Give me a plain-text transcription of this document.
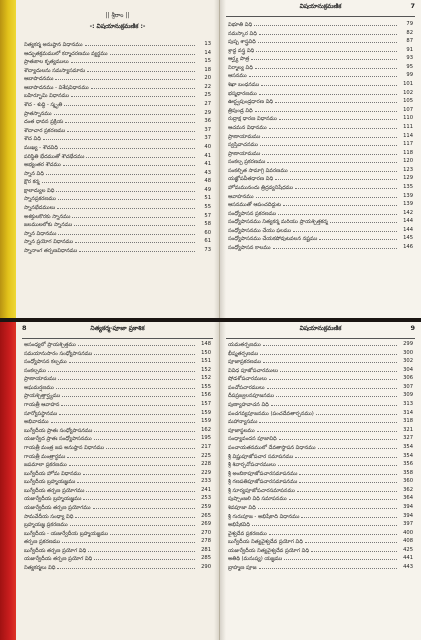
|| శ్రీరాం ||
-: విషయానుక్రమణిక :-
నిత్యకర్మ అనుష్ఠాన విధానము	13
ఆద్భుతక్రమములో కర్మాచరణము వ్యర్థము	14
ప్రాతఃకాల కృత్యములు	15
శౌచ్యాదులను సమస్యాసమాను	18
ఆబాపాదనము	20
ఆబాపాదనము - విశేషవిధానము	22
బహిర్భూమి విధానము	25
శౌచ - శుద్ధి - స్మృతి	27
ప్రాతస్నానము	29
దంత ధావన ప్రక్రియ	36
శౌచాచార ప్రకరణము	37
శౌచ విధి	37
ముఖ్య - శౌచవిధి	40
పరిస్థితి భేదముతో శౌచభేదము	41
అభ్యంతర శౌచము	41
స్నాన విధి	43
క్షౌర కర్మ	48
క్షాలాద్యుల విధి	49
స్నానప్రకరణము	51
స్నానభేదములు	55
అశక్తులకొరకు స్నానము	57
జలములలోకు స్నానము	58
స్నాన విధానము	60
స్నాన ప్రయోగ విధానము	61
స్నానాంగ తర్పణవిధానము	73
విషయానుక్రమణిక	7
విభూతి విధి	79
నమస్కార విధి	82
పుష్ప శాస్త్రవిధి	87
శ్రాద్ధ వస్త్ర విధి	91
ఆర్ఘ్య పాత్ర	93
నిర్మాల్య విధి	95
ఆసనము	99
శిఖా బంధనము	101
భస్మధారణము	102
ఊర్ధ్వపుండ్రధారణ విధి	105
త్రిపుండ్ర విధి	107
రుద్రాక్ష ధారణ విధానము	110
ఆచమన విధానము	111
ప్రాణాయామము	114
స్వస్తివాచనము	117
ప్రాణాయామము	118
సంకల్ప ప్రకరణము	120
సంకల్పిత సామాగ్రి వివరణము	123
యజ్ఞోపవీతధారణ విధి	129
హోమమునందు త్రిద్రవ్యనిషేధము	135
ఆవాహనము	139
ఆసనముతో ఆపంచదిద్దుట	139
సంధ్యోపాసన ప్రకరణము	142
సంధ్యోపాసనము నిత్యకర్మ మరియు ప్రాయశ్చిత్తకర్మ	144
సంధ్యోపాసనము చేయు ఫలము	144
సంధ్యోపాసనము చేయకపోవుటవలన నష్టము	145
సంధ్యోపాసన కాలము	146
8	నిత్యకర్మ-పూజా ప్రకాశిక
అసంధ్యలో ప్రాయశ్చిత్తము	148
సమయానుసారం సంధ్యోపాసనము	150
సంధ్యోపాసన కల్పము	151
సంకల్పము	152
ప్రాణాయామము	152
అఘమర్షణము	155
ప్రాయశ్చిత్తార్ఘ్యము	156
గాయత్రీ ఆవాహన	157
సూర్యోపస్థానము	159
అభివాదము	159
బుగ్వేదీయ ప్రాతః సంధ్యోపాసనము	162
యజుర్వేద ప్రాతః సంధ్యోపాసనము	195
గాయత్రీ మంత్ర జప అనుష్ఠాన విధానము	217
గాయత్రీ మంత్రార్థము	225
జపమాలా ప్రకరణము	228
బుగ్వేదీయ హోమ విధానము	229
బుగ్వేదీయ బ్రహ్మయజ్ఞము	233
బుగ్వేదీయ తర్పణ ప్రయోగము	241
యజుర్వేదీయ బ్రహ్మయజ్ఞము	253
యజుర్వేదీయ తర్పణ ప్రయోగము	259
సామవేదీయ సంధ్యా విధి	265
బ్రహ్మయజ్ఞ ప్రకరణము	269
బుగ్వేదీయ - యజుర్వేదీయ బ్రహ్మయజ్ఞము	270
తర్పణ ప్రకరణము	278
బుగ్వేదీయ తర్పణ ప్రయోగ విధి	281
యజుర్వేదీయ తర్పణ ప్రయోగ విధి	285
నిత్యకర్మలు విధి	290
విషయానుక్రమణిక	9
యమతర్పణము	299
భీష్మతర్పణము	300
పూజాప్రకరణము	302
వివిధ పూజోపచారములు	304
షోడశోపచారములు	306
పంచోపచారములు	307
దీపప్రజ్వలనపూజనము	309
పుణ్యాహవాచన విధి	313
పంచగవ్యపూజనము (పంచదేవతార్చనము)	314
మహాన్యాసము	318
పూజాస్థలము	321
సంధ్యావందన పూజావిధి	327
పంచాయతనములో దేవతాస్థాపన విధానము	354
శ్రీ విష్ణుపూజోపచార సమాపనము	354
శ్రీ శివార్చనోపచారములు	356
శ్రీ అంబికాపూజోపచారసమాపనము	358
శ్రీ గణపతిపూజోపచారసమాపనము	360
శ్రీ సూర్యపూజోపచారసమాపనము	362
పుష్పాంజలి విధి సమాపనము	364
శివపూజా విధి	394
శ్రీ గురుపూజ - అభిషేకాది విధానము	394
అభిషేకవిధి	397
వైశ్వదేవ ప్రకరణము	400
బుగ్వేదీయ నిత్యవైశ్వదేవ ప్రయోగ విధి	408
యజుర్వేదీయ నిత్యవైశ్వదేవ ప్రయోగ విధి	425
అతిథి (మనుష్య) యజ్ఞము	441
బ్రాహ్మణ పూజ	443
